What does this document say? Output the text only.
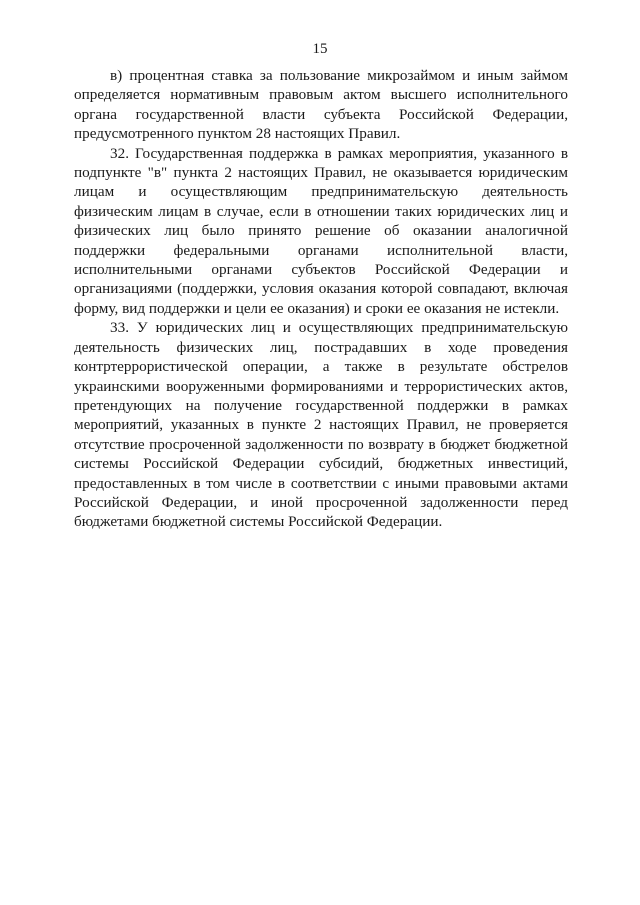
15

в) процентная ставка за пользование микрозаймом и иным займом определяется нормативным правовым актом высшего исполнительного органа государственной власти субъекта Российской Федерации, предусмотренного пунктом 28 настоящих Правил.

32. Государственная поддержка в рамках мероприятия, указанного в подпункте "в" пункта 2 настоящих Правил, не оказывается юридическим лицам и осуществляющим предпринимательскую деятельность физическим лицам в случае, если в отношении таких юридических лиц и физических лиц было принято решение об оказании аналогичной поддержки федеральными органами исполнительной власти, исполнительными органами субъектов Российской Федерации и организациями (поддержки, условия оказания которой совпадают, включая форму, вид поддержки и цели ее оказания) и сроки ее оказания не истекли.

33. У юридических лиц и осуществляющих предпринимательскую деятельность физических лиц, пострадавших в ходе проведения контртеррористической операции, а также в результате обстрелов украинскими вооруженными формированиями и террористических актов, претендующих на получение государственной поддержки в рамках мероприятий, указанных в пункте 2 настоящих Правил, не проверяется отсутствие просроченной задолженности по возврату в бюджет бюджетной системы Российской Федерации субсидий, бюджетных инвестиций, предоставленных в том числе в соответствии с иными правовыми актами Российской Федерации, и иной просроченной задолженности перед бюджетами бюджетной системы Российской Федерации.
